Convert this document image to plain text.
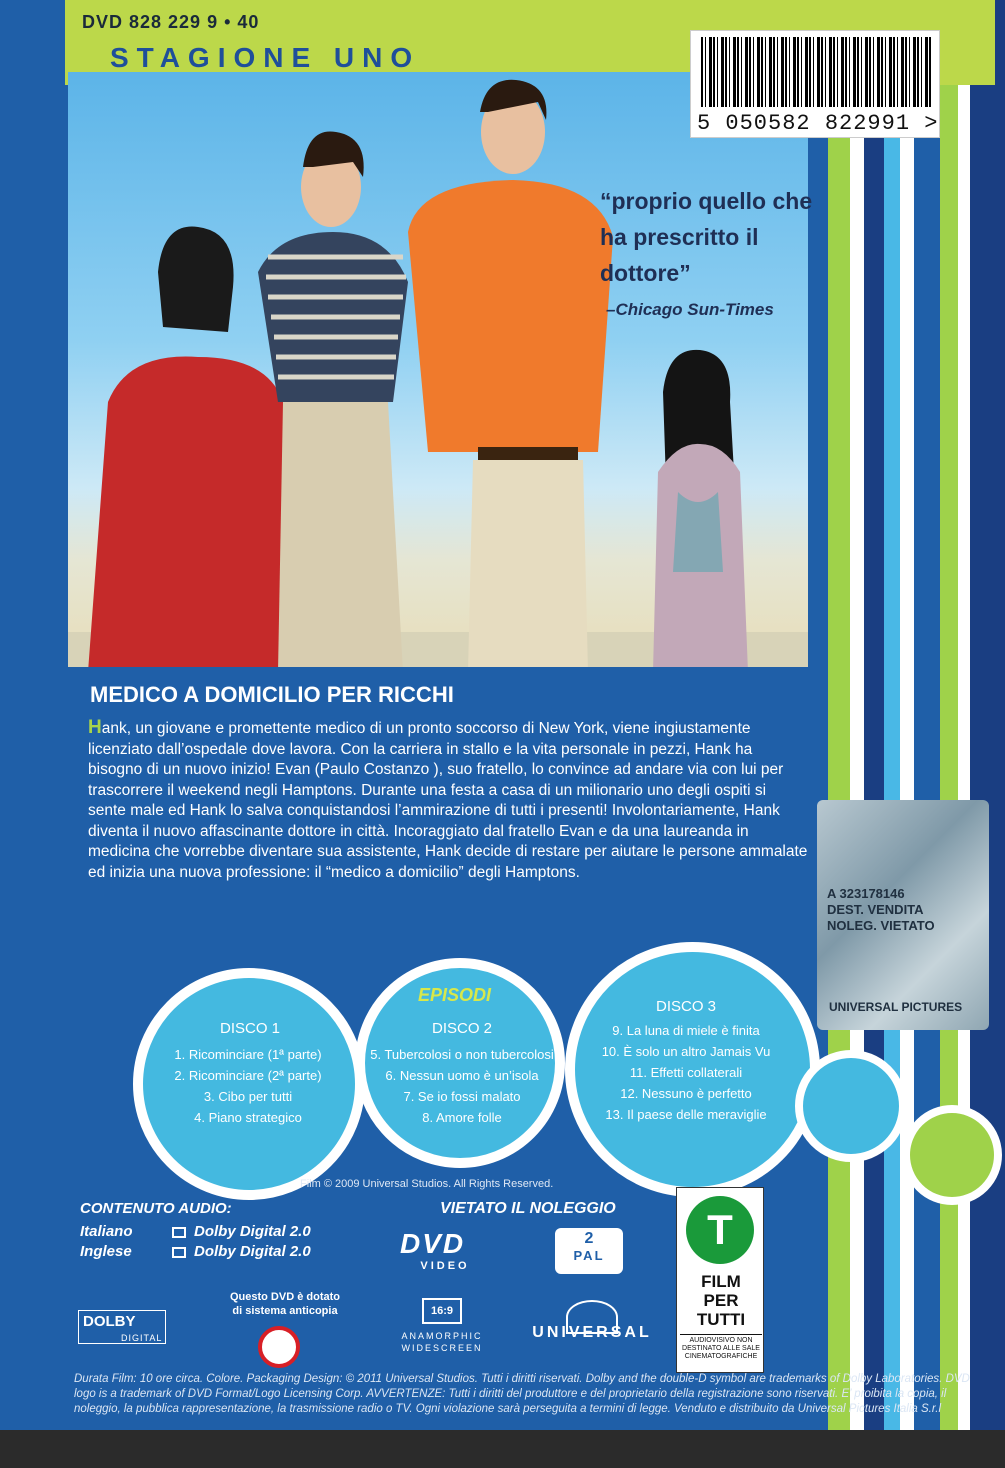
DVD 828 229 9 • 40
STAGIONE UNO
5 050582 822991 >
“proprio quello che ha prescritto il dottore”
–Chicago Sun-Times
MEDICO A DOMICILIO PER RICCHI
Hank, un giovane e promettente medico di un pronto soccorso di New York, viene ingiustamente licenziato dall’ospedale dove lavora. Con la carriera in stallo e la vita personale in pezzi, Hank ha bisogno di un nuovo inizio! Evan (Paulo Costanzo ), suo fratello, lo convince ad andare via con lui per trascorrere il weekend negli Hamptons. Durante una festa a casa di un milionario uno degli ospiti si sente male ed Hank lo salva conquistandosi l’ammirazione di tutti i presenti! Involontariamente, Hank diventa il nuovo affascinante dottore in città. Incoraggiato dal fratello Evan e da una laureanda in medicina che vorrebbe diventare sua assistente, Hank decide di restare per aiutare le persone ammalate ed inizia una nuova professione: il “medico a domicilio” degli Hamptons.
A 323178146
DEST. VENDITA
NOLEG. VIETATO
UNIVERSAL PICTURES
EPISODI
DISCO 1
1. Ricominciare (1ª parte)
2. Ricominciare (2ª parte)
3. Cibo per tutti
4. Piano strategico
DISCO 2
5. Tubercolosi o non tubercolosi
6. Nessun uomo è un’isola
7. Se io fossi malato
8. Amore folle
DISCO 3
9. La luna di miele è finita
10. È solo un altro Jamais Vu
11. Effetti collaterali
12. Nessuno è perfetto
13. Il paese delle meraviglie
Film © 2009 Universal Studios. All Rights Reserved.
CONTENUTO AUDIO:
Italiano	Dolby Digital 2.0
Inglese	Dolby Digital 2.0
VIETATO IL NOLEGGIO
DVD
VIDEO
2
PAL
T
FILM
PER
TUTTI
AUDIOVISIVO NON DESTINATO ALLE SALE CINEMATOGRAFICHE
DOLBY
DIGITAL
Questo DVD è dotato
di sistema anticopia	16:9
ANAMORPHIC
WIDESCREEN
UNIVERSAL
Durata Film: 10 ore circa. Colore. Packaging Design: © 2011 Universal Studios. Tutti i diritti riservati. Dolby and the double-D symbol are trademarks of Dolby Laboratories. DVD logo is a trademark of DVD Format/Logo Licensing Corp. AVVERTENZE: Tutti i diritti del produttore e del proprietario della registrazione sono riservati. E’ proibita la copia, il noleggio, la pubblica rappresentazione, la trasmissione radio o TV. Ogni violazione sarà perseguita a termini di legge. Venduto e distribuito da Universal Pictures Italia S.r.l
